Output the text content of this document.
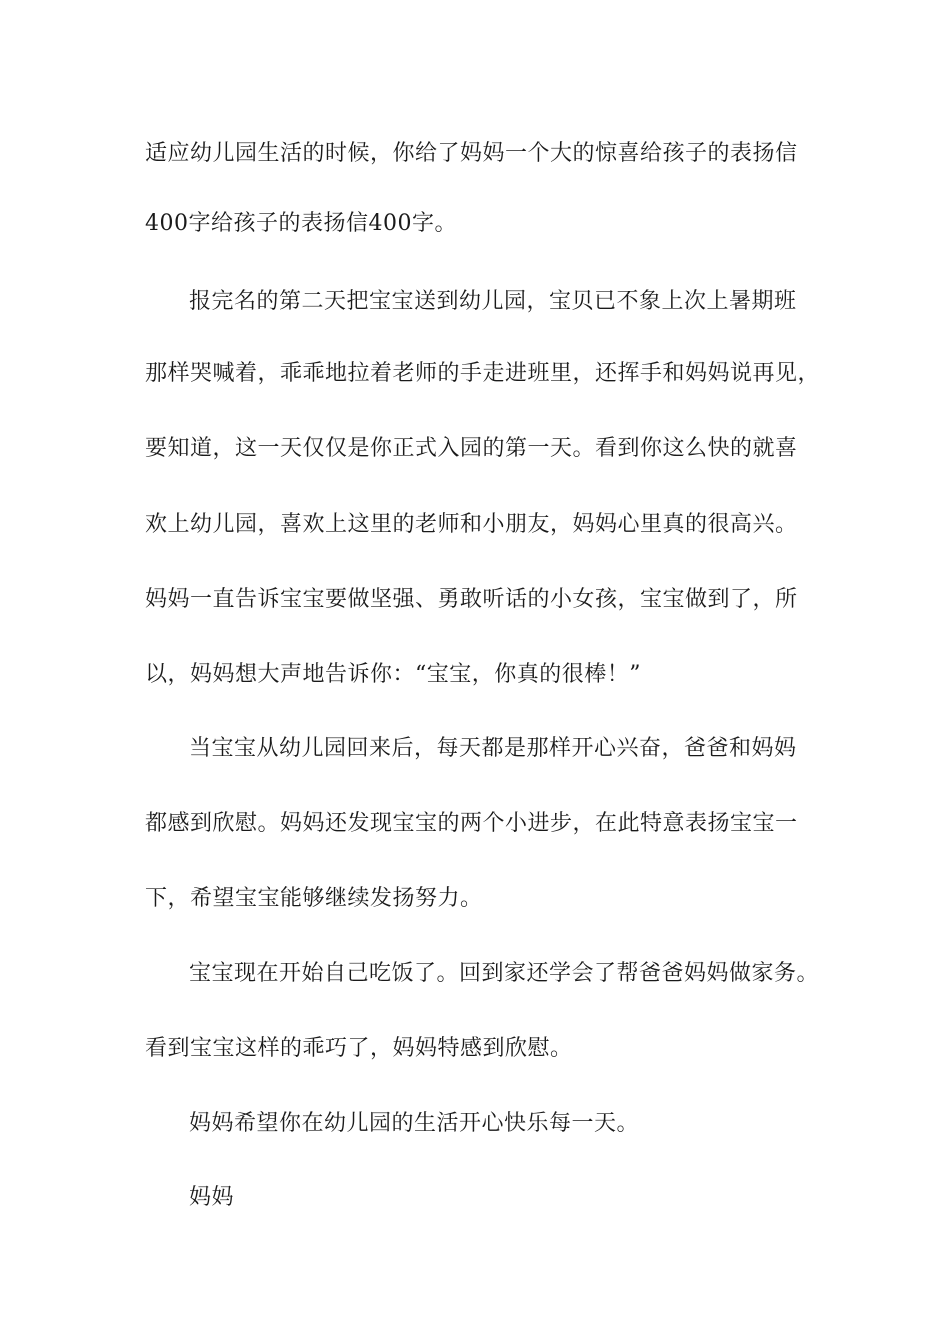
适应幼儿园生活的时候，你给了妈妈一个大的惊喜给孩子的表扬信
400字给孩子的表扬信400字。
报完名的第二天把宝宝送到幼儿园，宝贝已不象上次上暑期班
那样哭喊着，乖乖地拉着老师的手走进班里，还挥手和妈妈说再见，
要知道，这一天仅仅是你正式入园的第一天。看到你这么快的就喜
欢上幼儿园，喜欢上这里的老师和小朋友，妈妈心里真的很高兴。
妈妈一直告诉宝宝要做坚强、勇敢听话的小女孩，宝宝做到了，所
以，妈妈想大声地告诉你：“宝宝，你真的很棒！”
当宝宝从幼儿园回来后，每天都是那样开心兴奋，爸爸和妈妈
都感到欣慰。妈妈还发现宝宝的两个小进步，在此特意表扬宝宝一
下，希望宝宝能够继续发扬努力。
宝宝现在开始自己吃饭了。回到家还学会了帮爸爸妈妈做家务。
看到宝宝这样的乖巧了，妈妈特感到欣慰。
妈妈希望你在幼儿园的生活开心快乐每一天。
妈妈
